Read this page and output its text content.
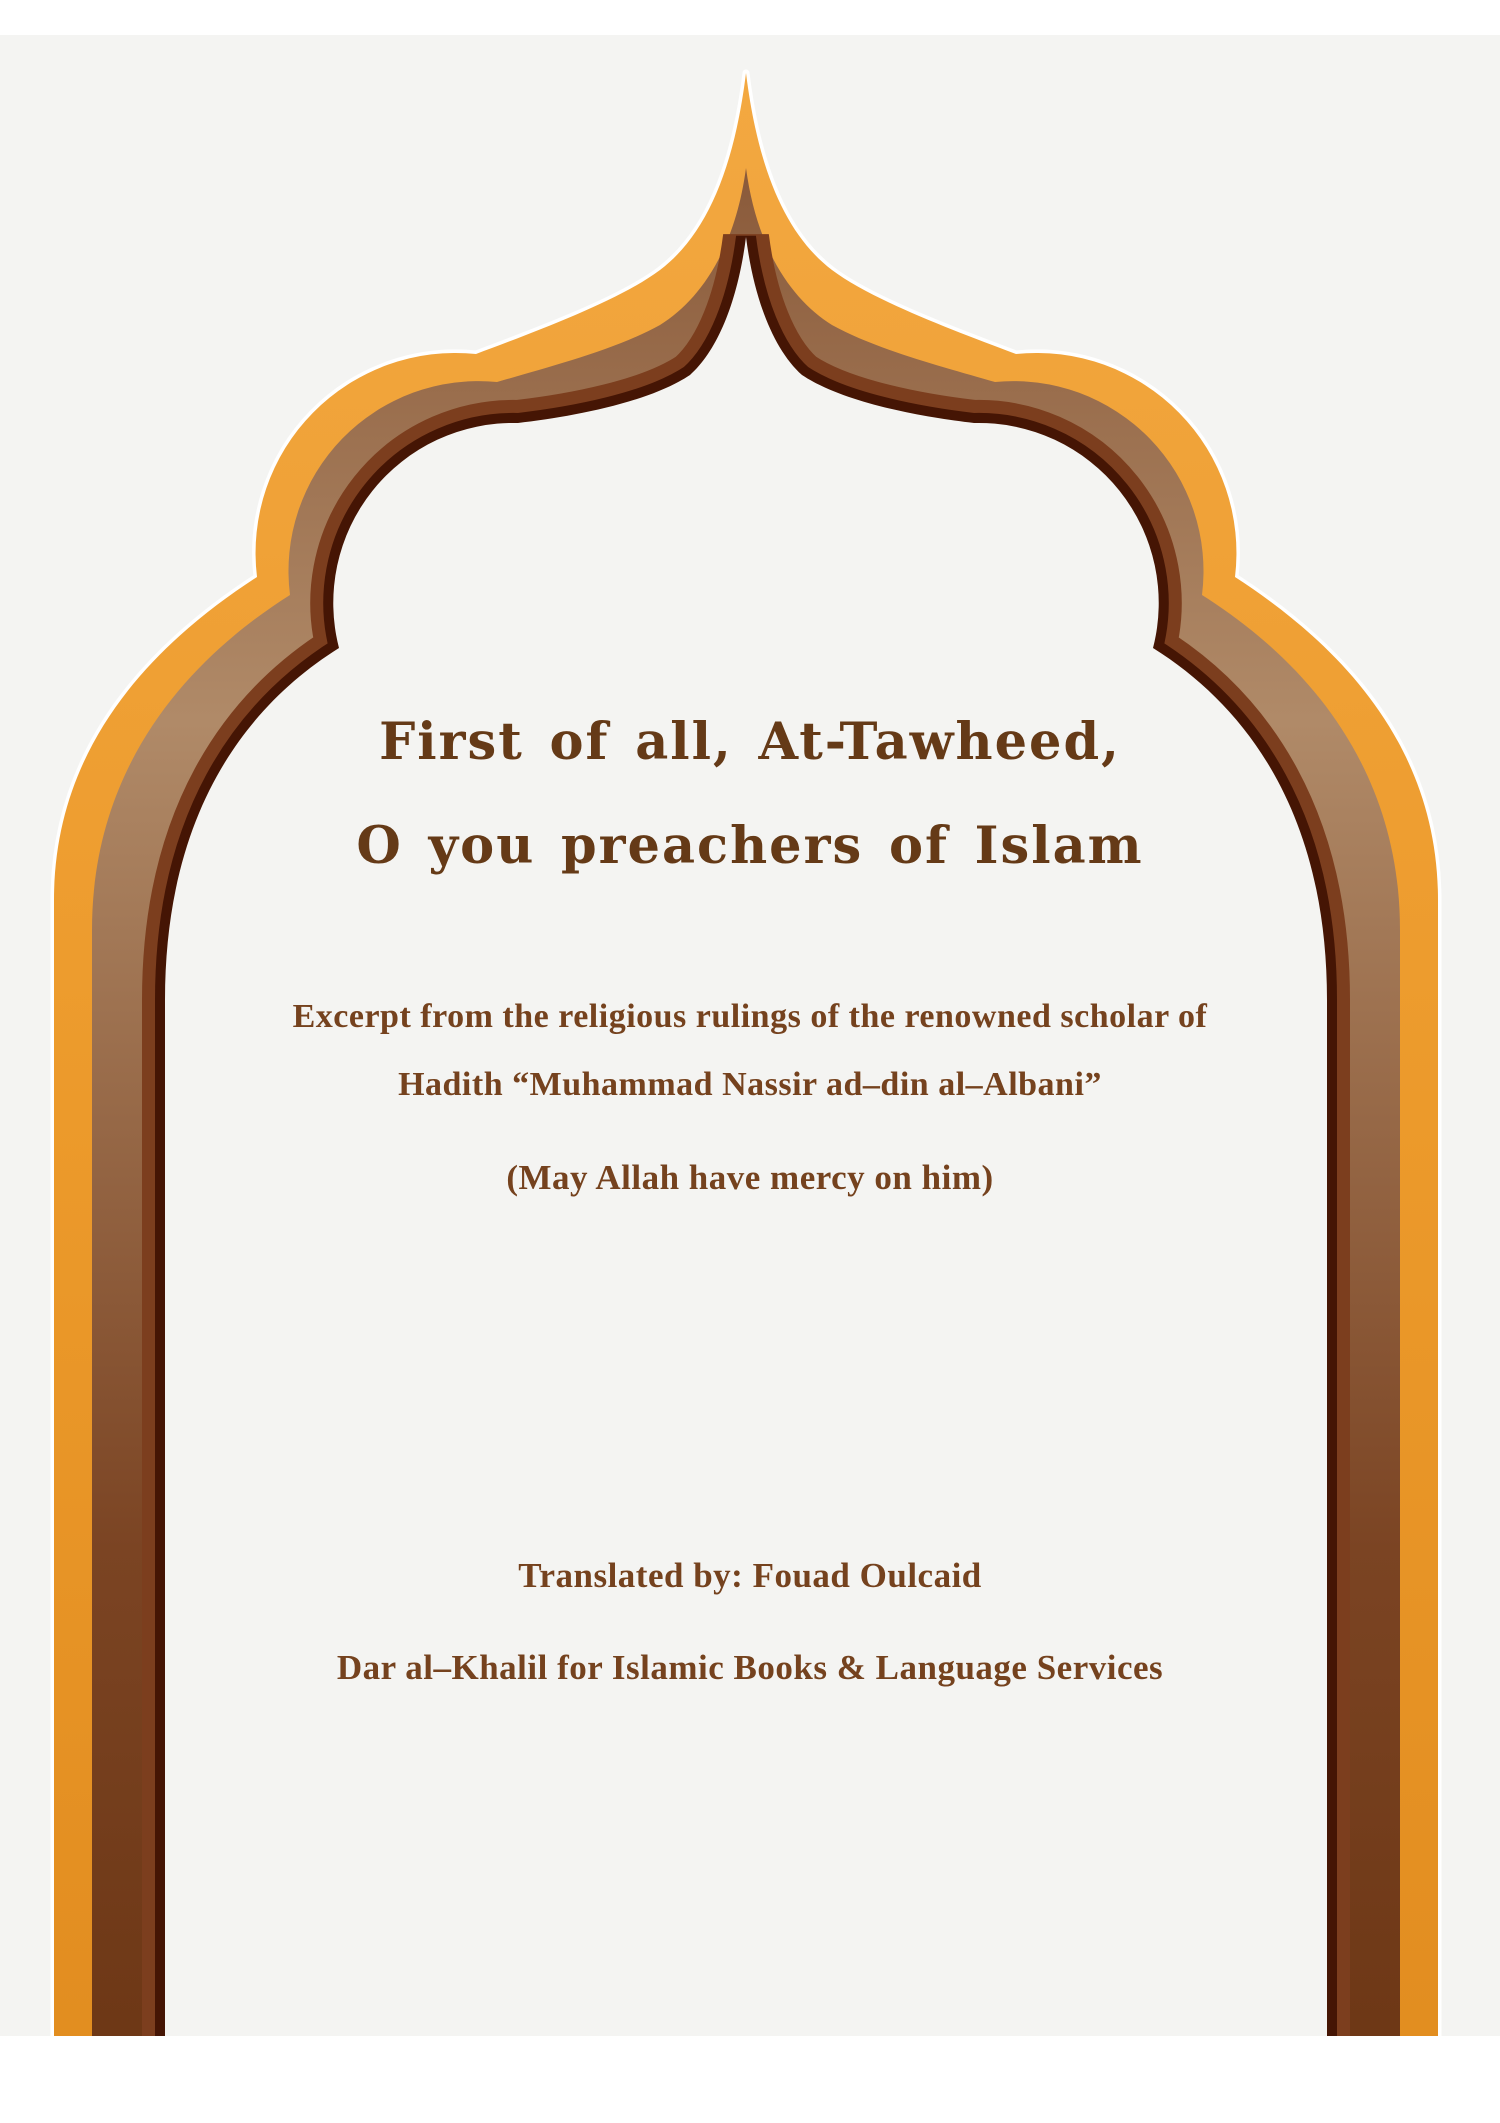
First of all, At-Tawheed,
O you preachers of Islam
Excerpt from the religious rulings of the renowned scholar of
Hadith “Muhammad Nassir ad–din al–Albani”
(May Allah have mercy on him)
Translated by: Fouad Oulcaid
Dar al–Khalil for Islamic Books & Language Services
